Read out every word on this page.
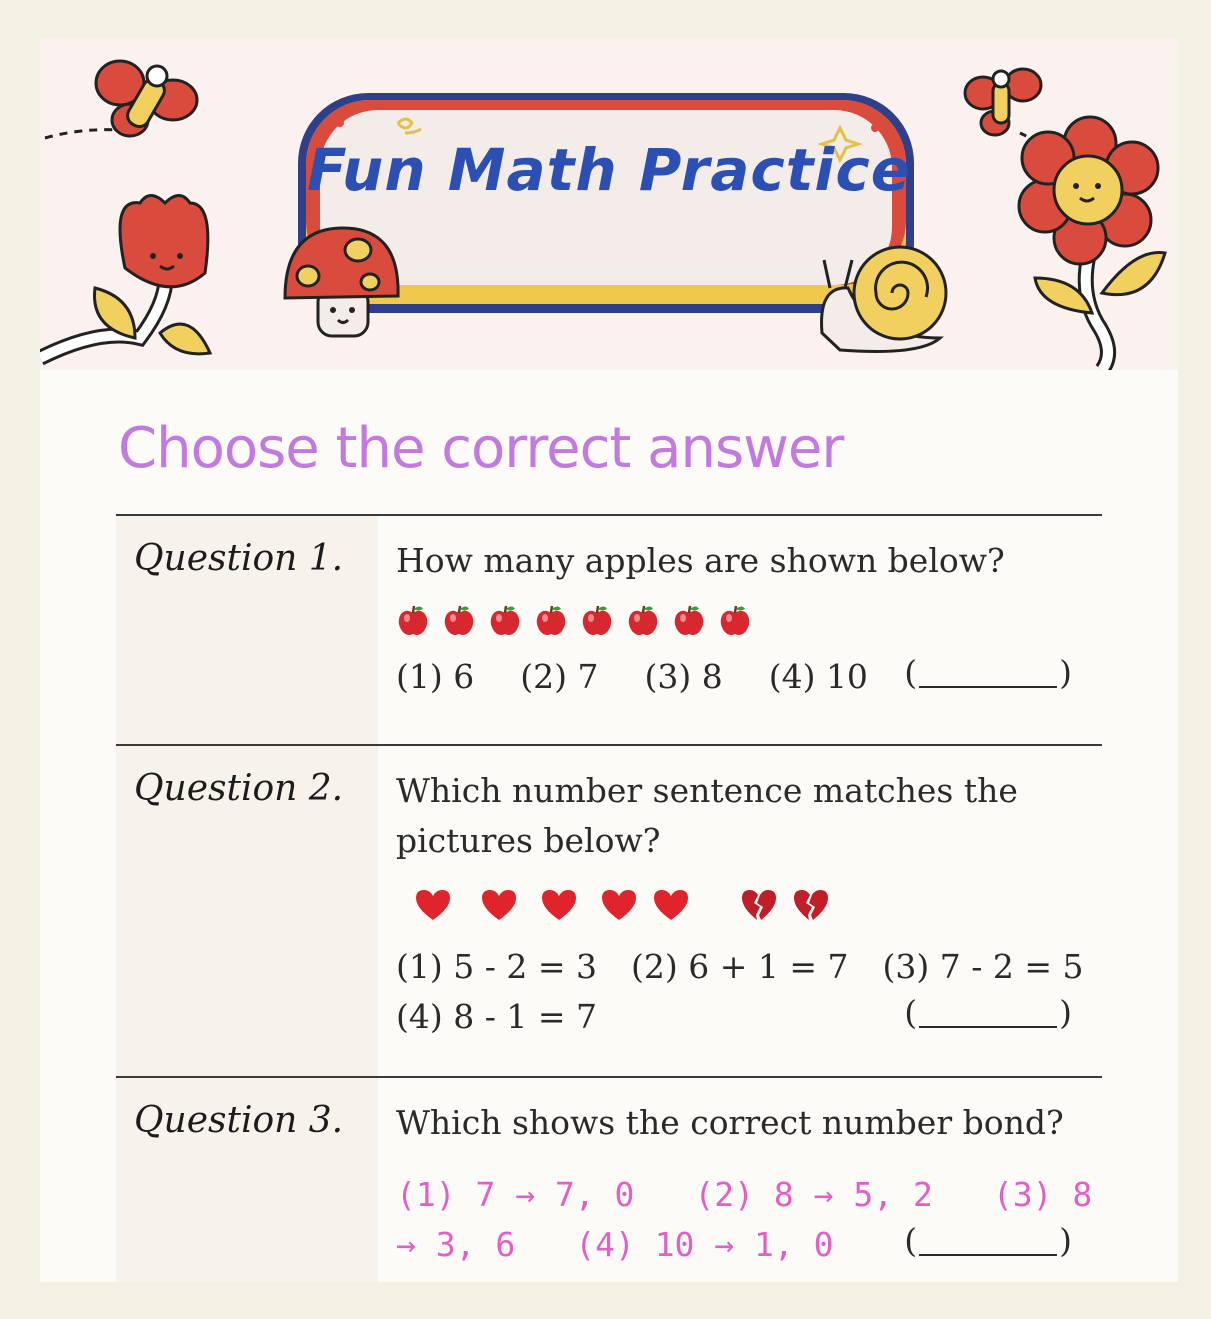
Fun Math Practice
Choose the correct answer
Question 1. How many apples are shown below?
(1) 6 (2) 7 (3) 8 (4) 10 (	)
Question 2. Which number sentence matches the
pictures below?
(1) 5 - 2 = 3 (2) 6 + 1 = 7 (3) 7 - 2 = 5
(4) 8 - 1 = 7	(	)
Question 3. Which shows the correct number bond?
(1) 7 → 7, 0 (2) 8 → 5, 2 (3) 8
→ 3, 6 (4) 10 → 1, 0 (	)
